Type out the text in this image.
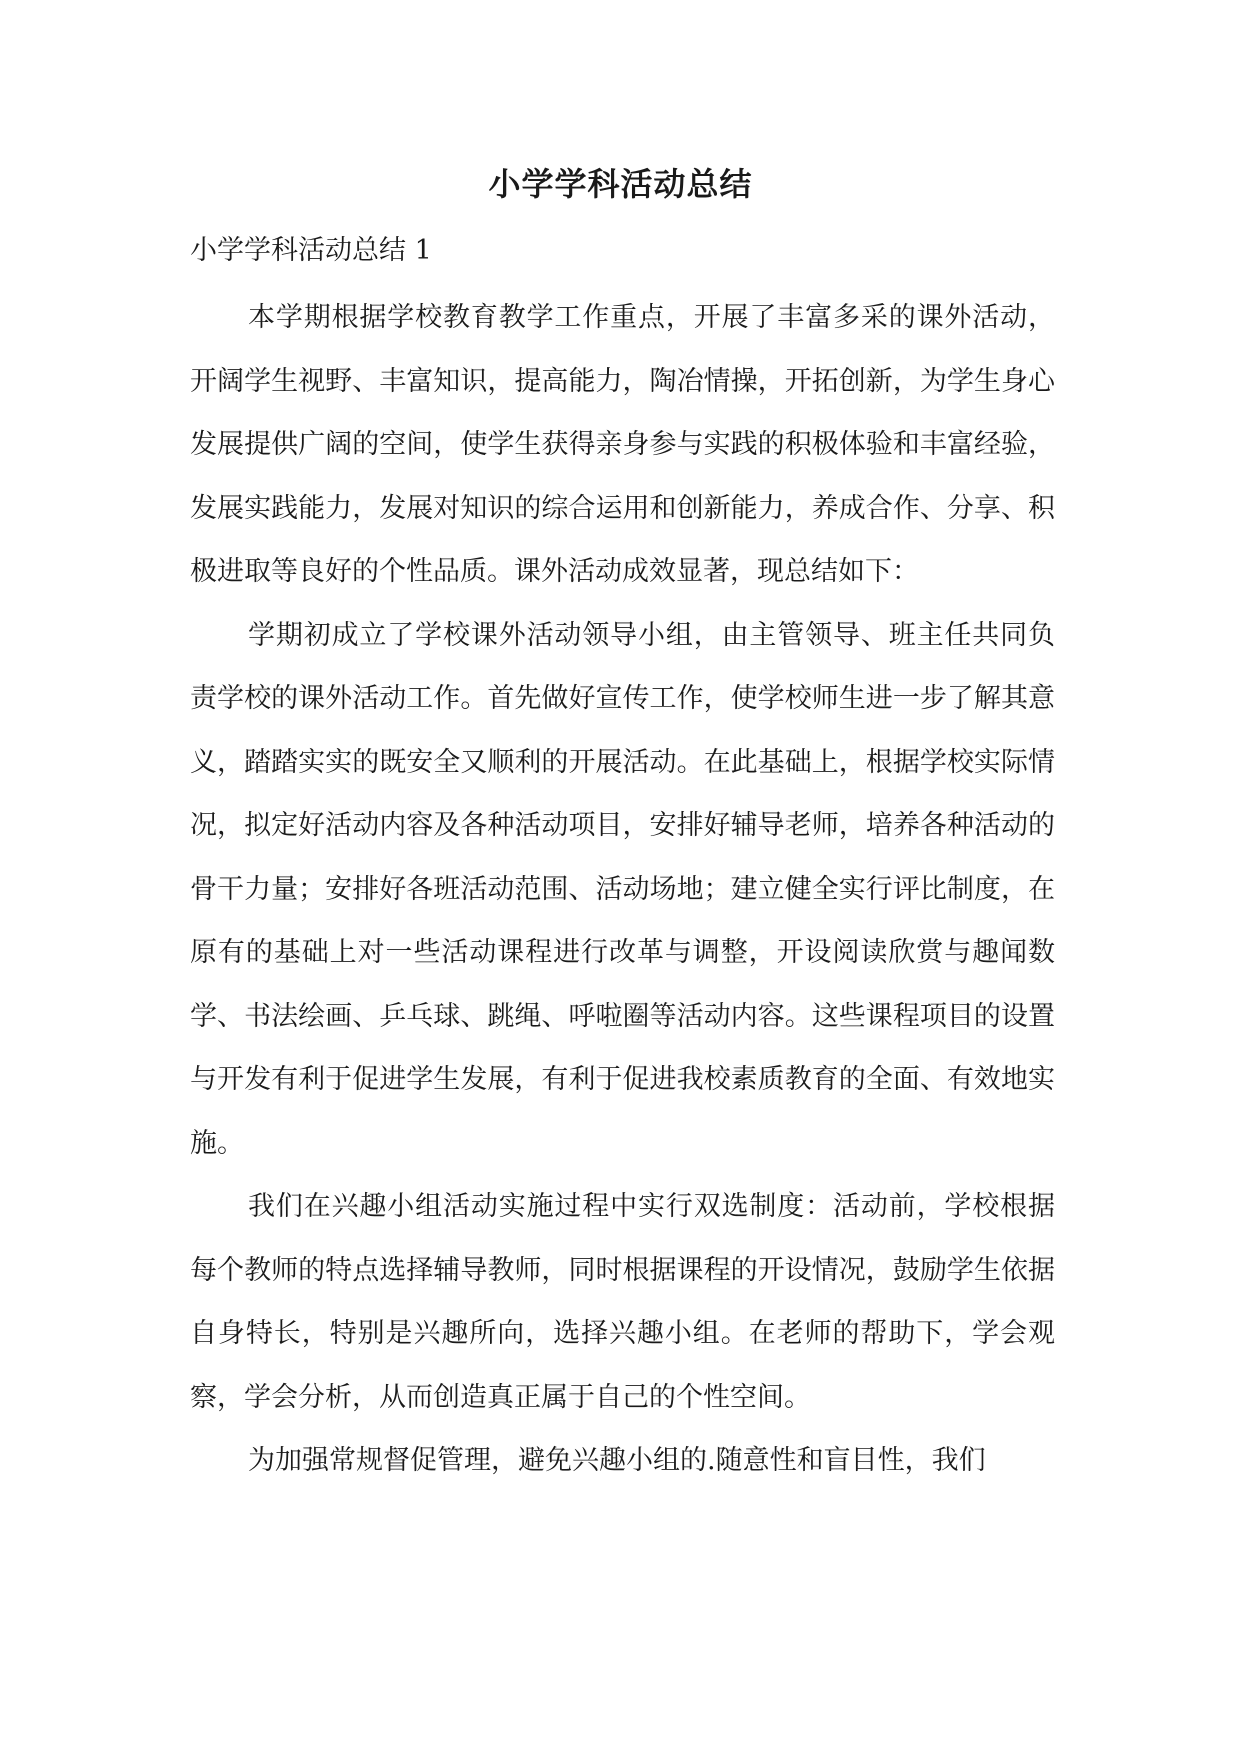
小学学科活动总结
小学学科活动总结 1

本学期根据学校教育教学工作重点，开展了丰富多采的课外活动，开阔学生视野、丰富知识，提高能力，陶冶情操，开拓创新，为学生身心发展提供广阔的空间，使学生获得亲身参与实践的积极体验和丰富经验，发展实践能力，发展对知识的综合运用和创新能力，养成合作、分享、积极进取等良好的个性品质。课外活动成效显著，现总结如下：

学期初成立了学校课外活动领导小组，由主管领导、班主任共同负责学校的课外活动工作。首先做好宣传工作，使学校师生进一步了解其意义，踏踏实实的既安全又顺利的开展活动。在此基础上，根据学校实际情况，拟定好活动内容及各种活动项目，安排好辅导老师，培养各种活动的骨干力量；安排好各班活动范围、活动场地；建立健全实行评比制度，在原有的基础上对一些活动课程进行改革与调整，开设阅读欣赏与趣闻数学、书法绘画、乒乓球、跳绳、呼啦圈等活动内容。这些课程项目的设置与开发有利于促进学生发展，有利于促进我校素质教育的全面、有效地实施。

我们在兴趣小组活动实施过程中实行双选制度：活动前，学校根据每个教师的特点选择辅导教师，同时根据课程的开设情况，鼓励学生依据自身特长，特别是兴趣所向，选择兴趣小组。在老师的帮助下，学会观察，学会分析，从而创造真正属于自己的个性空间。

为加强常规督促管理，避免兴趣小组的.随意性和盲目性，我们
